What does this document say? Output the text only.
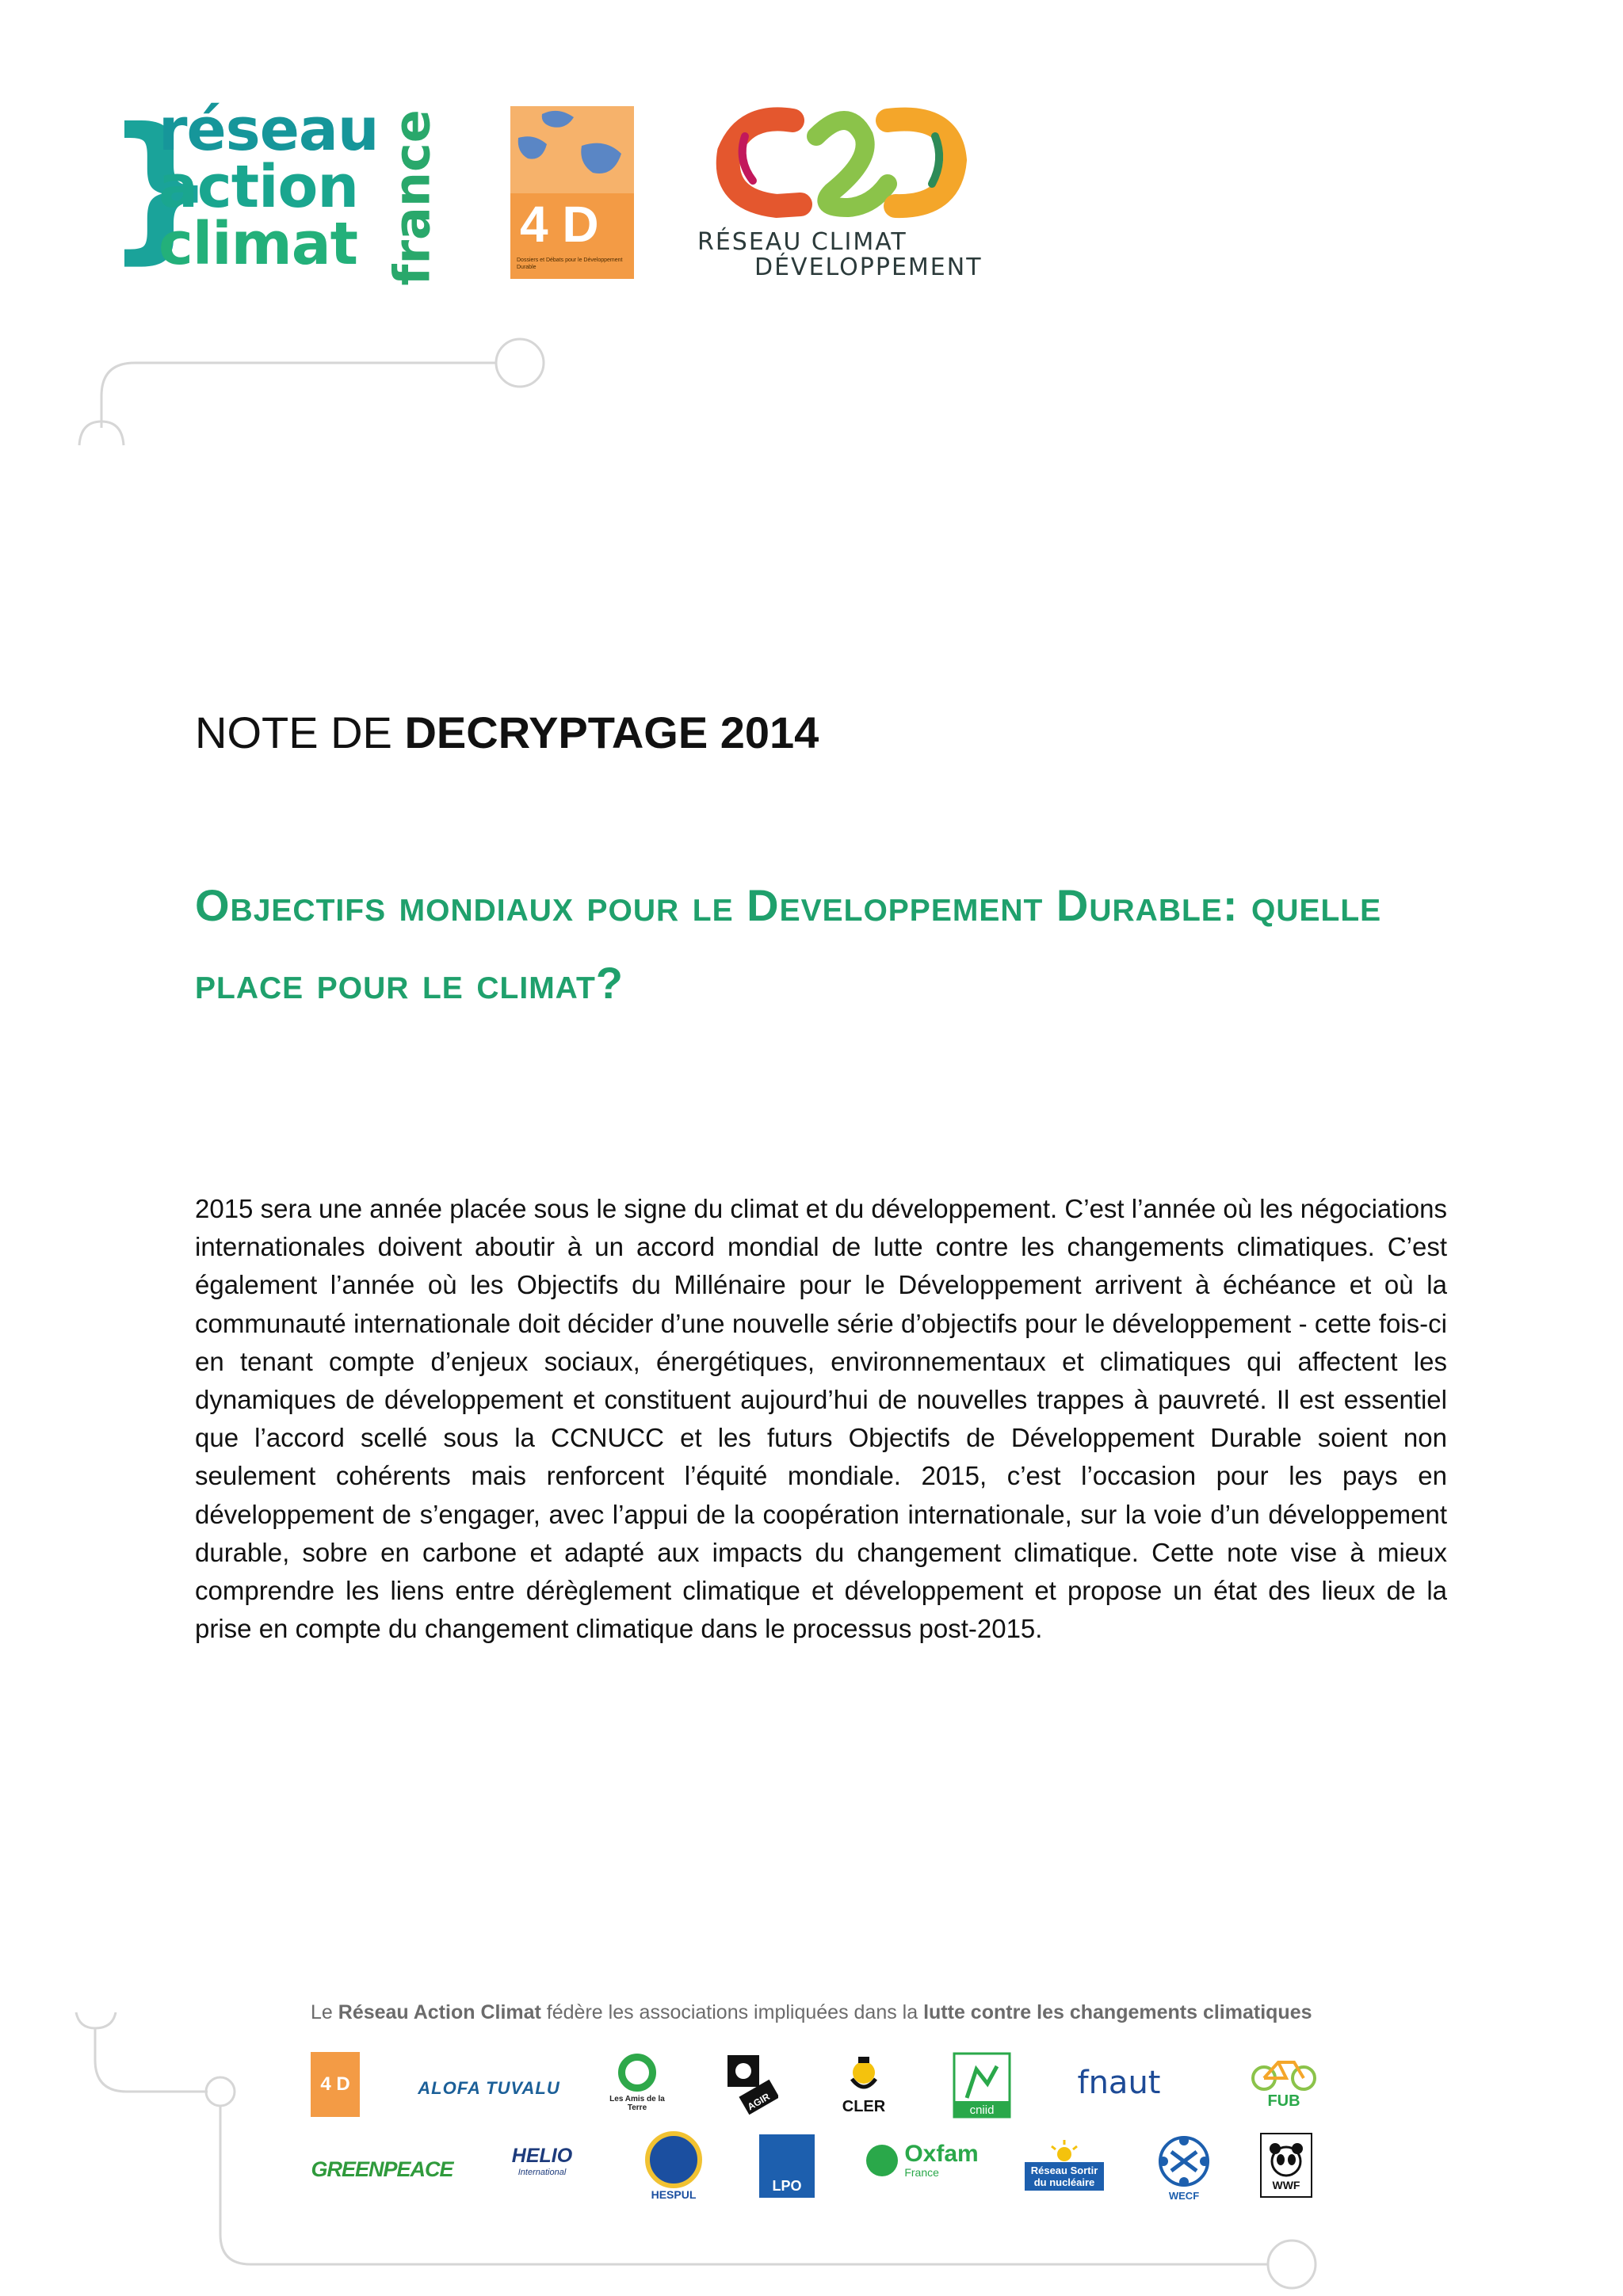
}
réseau
action
climat france 4 D
Dossiers et Débats pour le Développement Durable
RÉSEAU CLIMAT
DÉVELOPPEMENT
NOTE DE DECRYPTAGE 2014
Objectifs mondiaux pour le Developpement Durable: quelle place pour le climat?
2015 sera une année placée sous le signe du climat et du développement. C’est l’année où les négociations internationales doivent aboutir à un accord mondial de lutte contre les changements climatiques. C’est également l’année où les Objectifs du Millénaire pour le Développement arrivent à échéance et où la communauté internationale doit décider d’une nouvelle série d’objectifs pour le développement - cette fois-ci en tenant compte d’enjeux sociaux, énergétiques, environnementaux et climatiques qui affectent les dynamiques de développement et constituent aujourd’hui de nouvelles trappes à pauvreté. Il est essentiel que l’accord scellé sous la CCNUCC et les futurs Objectifs de Développement Durable soient non seulement cohérents mais renforcent l’équité mondiale. 2015, c’est l’occasion pour les pays en développement de s’engager, avec l’appui de la coopération internationale, sur la voie d’un développement durable, sobre en carbone et adapté aux impacts du changement climatique. Cette note vise à mieux comprendre les liens entre dérèglement climatique et développement et propose un état des lieux de la prise en compte du changement climatique dans le processus post-2015.
Le Réseau Action Climat fédère les associations impliquées dans la lutte contre les changements climatiques
4 D	ALOFA TUVALU
Les Amis de la Terre	AGIR	CLER	cniid
fnaut	FUB
GREENPEACE
HELIO
International
HESPUL
LPO
Oxfam
France	Réseau Sortir du nucléaire
WECF
WWF
